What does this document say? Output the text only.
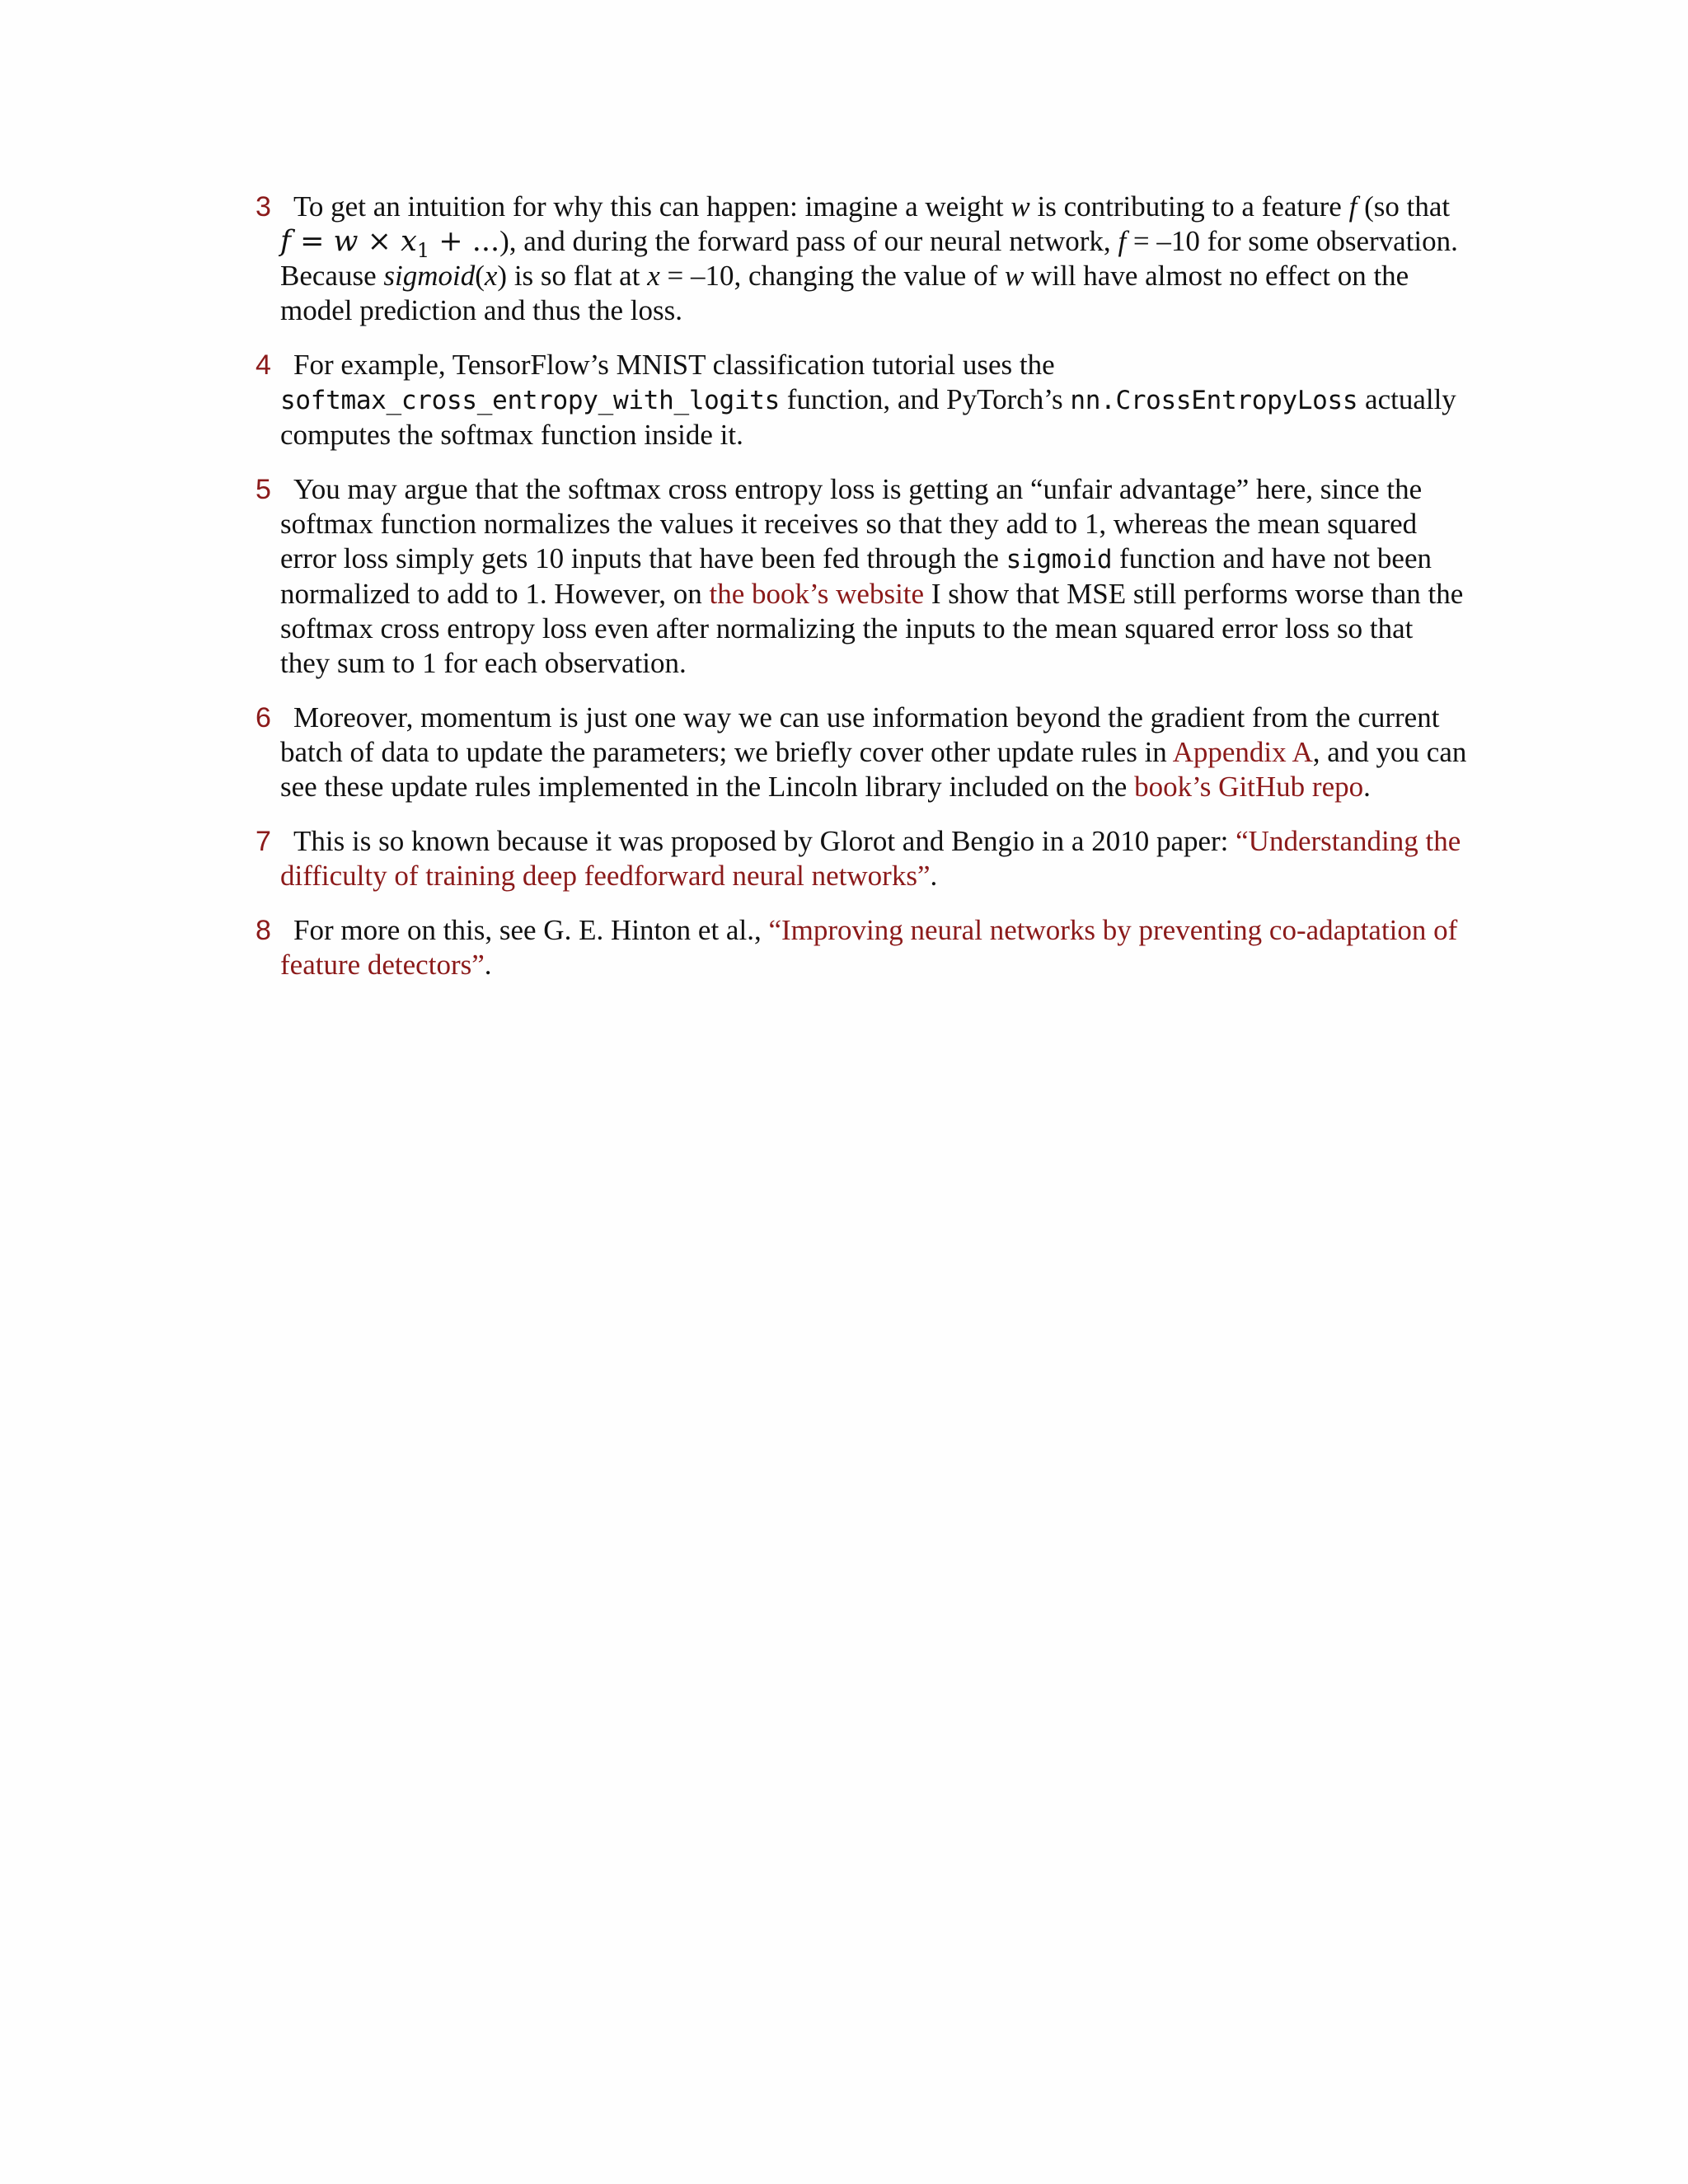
3 To get an intuition for why this can happen: imagine a weight w is contributing to a feature f (so that $f = w \times x_1$ + ...), and during the forward pass of our neural network, f = –10 for some observation. Because sigmoid(x) is so flat at x = –10, changing the value of w will have almost no effect on the model prediction and thus the loss.
4 For example, TensorFlow’s MNIST classification tutorial uses the softmax_cross_entropy_with_logits function, and PyTorch’s nn.CrossEntropyLoss actually computes the softmax function inside it.
5 You may argue that the softmax cross entropy loss is getting an “unfair advantage” here, since the softmax function normalizes the values it receives so that they add to 1, whereas the mean squared error loss simply gets 10 inputs that have been fed through the sigmoid function and have not been normalized to add to 1. However, on the book’s website I show that MSE still performs worse than the softmax cross entropy loss even after normalizing the inputs to the mean squared error loss so that they sum to 1 for each observation.
6 Moreover, momentum is just one way we can use information beyond the gradient from the current batch of data to update the parameters; we briefly cover other update rules in Appendix A, and you can see these update rules implemented in the Lincoln library included on the book’s GitHub repo.
7 This is so known because it was proposed by Glorot and Bengio in a 2010 paper: “Understanding the difficulty of training deep feedforward neural networks”.
8 For more on this, see G. E. Hinton et al., “Improving neural networks by preventing co-adaptation of feature detectors”.
